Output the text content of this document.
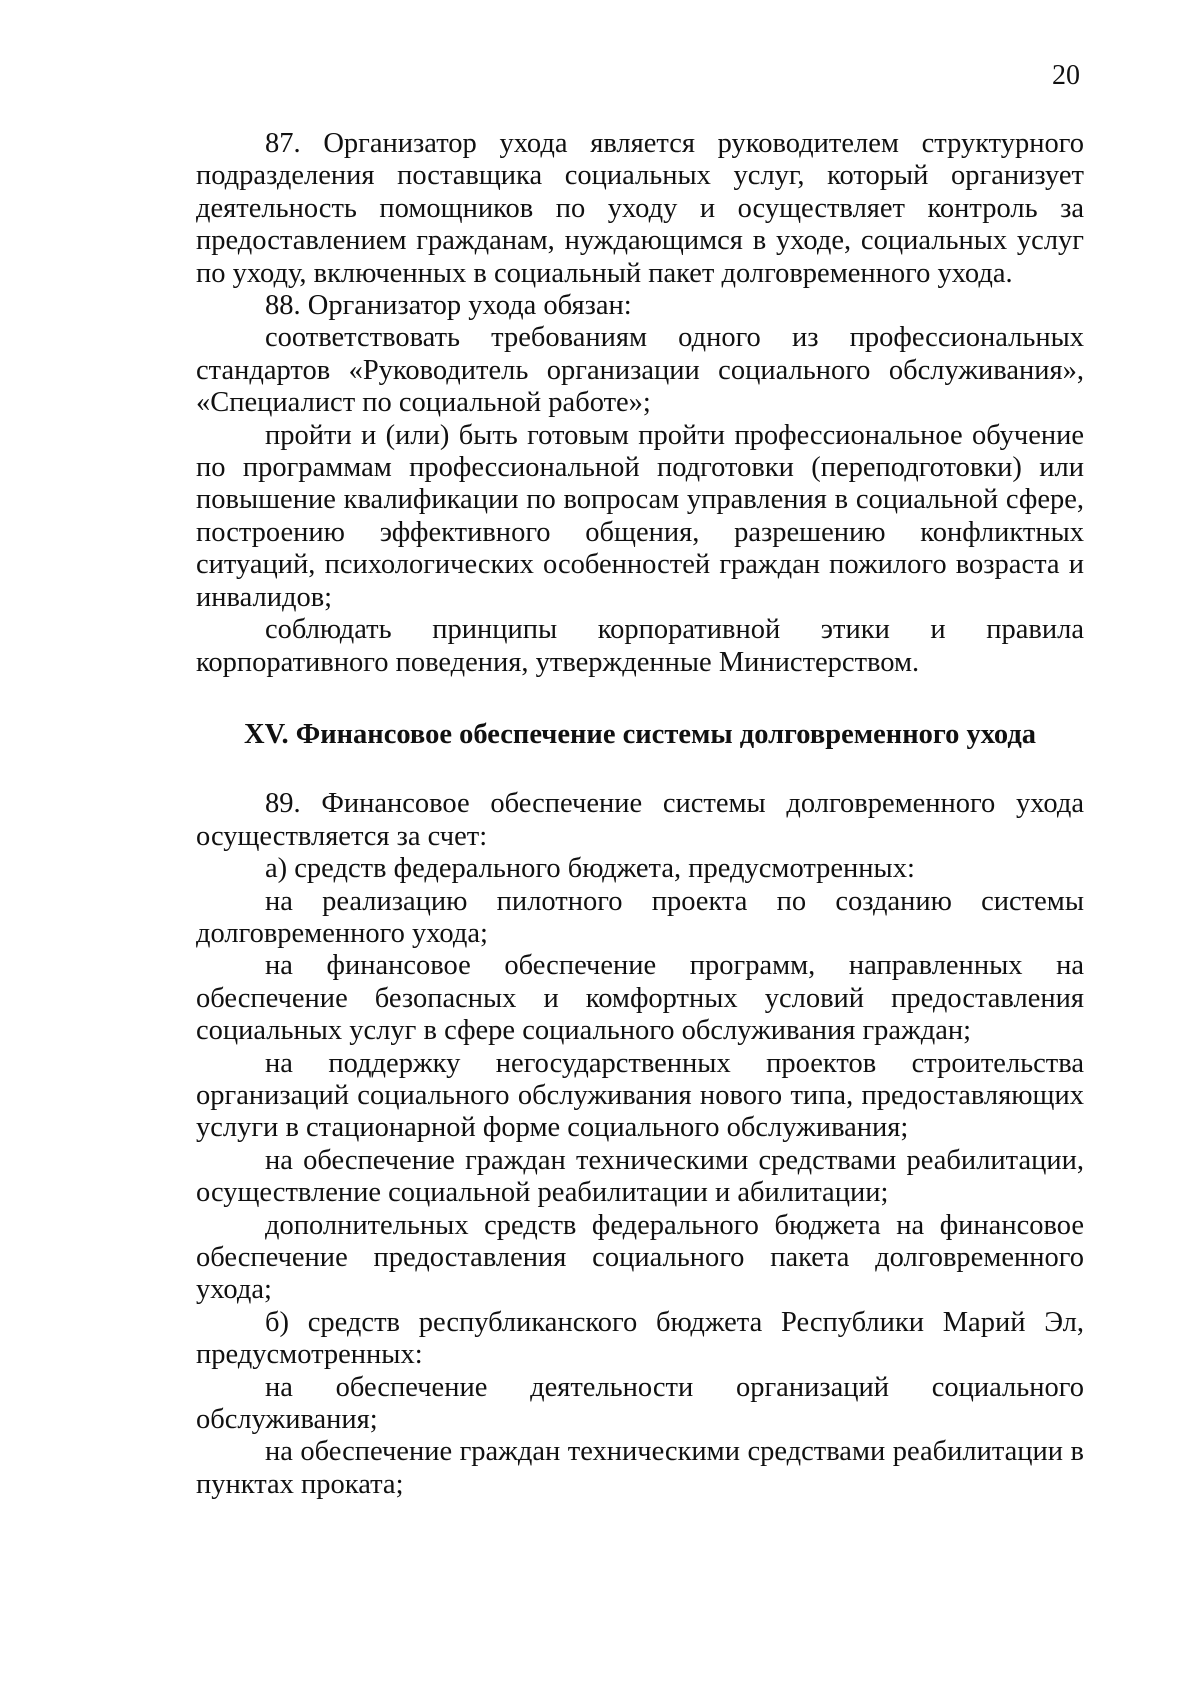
20

87. Организатор ухода является руководителем структурного подразделения поставщика социальных услуг, который организует деятельность помощников по уходу и осуществляет контроль за предоставлением гражданам, нуждающимся в уходе, социальных услуг по уходу, включенных в социальный пакет долговременного ухода.

88. Организатор ухода обязан:

соответствовать требованиям одного из профессиональных стандартов «Руководитель организации социального обслуживания», «Специалист по социальной работе»;

пройти и (или) быть готовым пройти профессиональное обучение по программам профессиональной подготовки (переподготовки) или повышение квалификации по вопросам управления в социальной сфере, построению эффективного общения, разрешению конфликтных ситуаций, психологических особенностей граждан пожилого возраста и инвалидов;

соблюдать принципы корпоративной этики и правила корпоративного поведения, утвержденные Министерством.

XV. Финансовое обеспечение системы долговременного ухода

89. Финансовое обеспечение системы долговременного ухода осуществляется за счет:

а) средств федерального бюджета, предусмотренных:

на реализацию пилотного проекта по созданию системы долговременного ухода;

на финансовое обеспечение программ, направленных на обеспечение безопасных и комфортных условий предоставления социальных услуг в сфере социального обслуживания граждан;

на поддержку негосударственных проектов строительства организаций социального обслуживания нового типа, предоставляющих услуги в стационарной форме социального обслуживания;

на обеспечение граждан техническими средствами реабилитации, осуществление социальной реабилитации и абилитации;

дополнительных средств федерального бюджета на финансовое обеспечение предоставления социального пакета долговременного ухода;

б) средств республиканского бюджета Республики Марий Эл, предусмотренных:

на обеспечение деятельности организаций социального обслуживания;

на обеспечение граждан техническими средствами реабилитации в пунктах проката;
